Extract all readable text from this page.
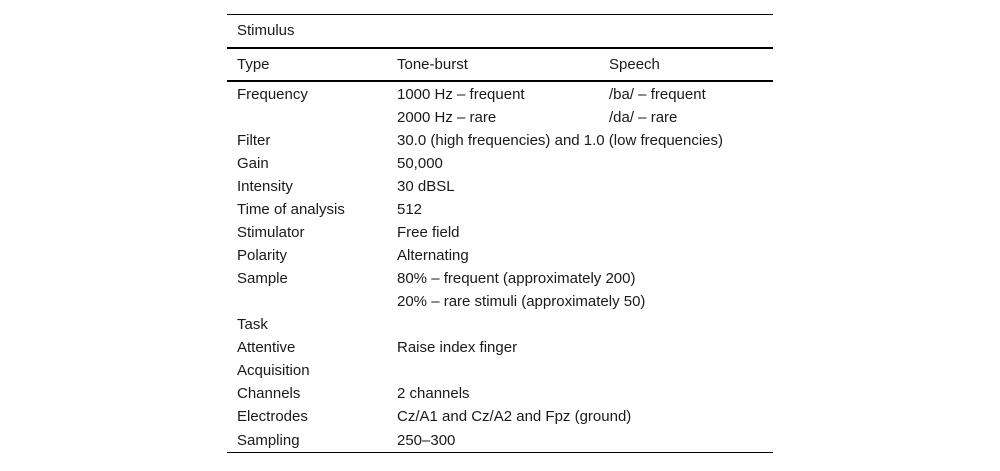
Stimulus		
Type	Tone-burst	Speech
Frequency	1000 Hz – frequent	/ba/ – frequent
	2000 Hz – rare	/da/ – rare
Filter	30.0 (high frequencies) and 1.0 (low frequencies)	
Gain	50,000	
Intensity	30 dBSL	
Time of analysis	512	
Stimulator	Free field	
Polarity	Alternating	
Sample	80% – frequent (approximately 200)	
	20% – rare stimuli (approximately 50)	
Task		
Attentive	Raise index finger	
Acquisition		
Channels	2 channels	
Electrodes	Cz/A1 and Cz/A2 and Fpz (ground)	
Sampling	250–300	
